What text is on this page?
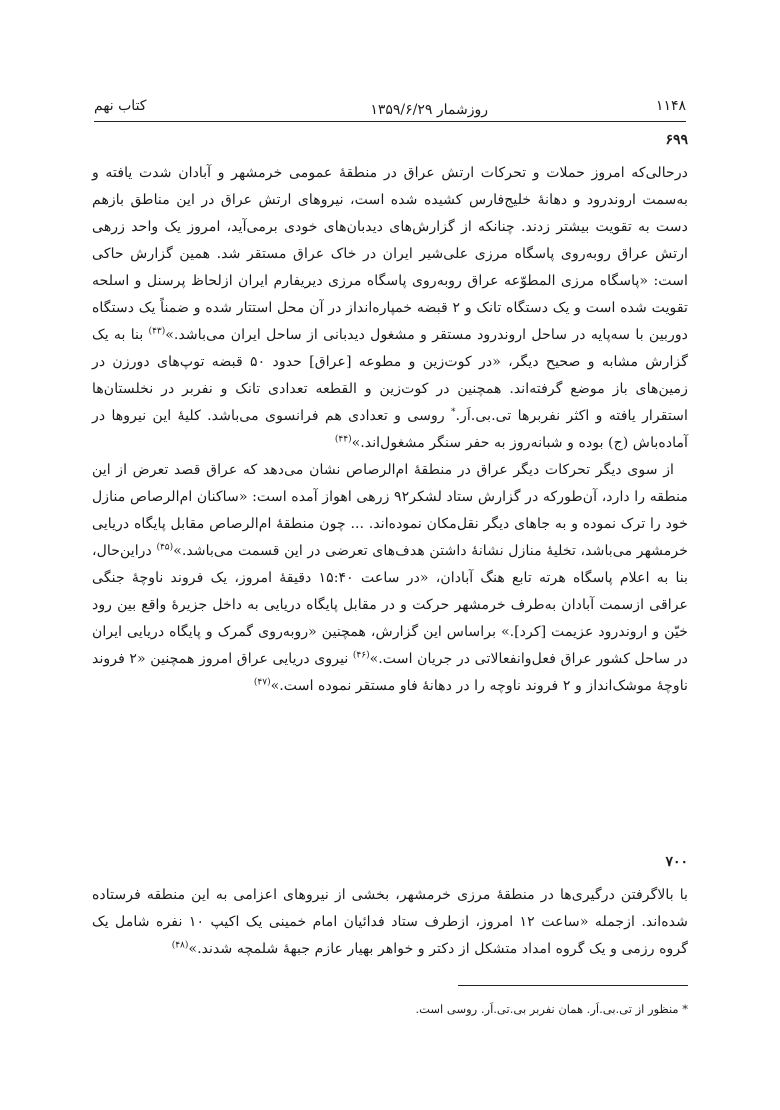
۱۱۴۸
روزشمار ۱۳۵۹/۶/۲۹
کتاب نهم
۶۹۹

درحالی‌که امروز حملات و تحرکات ارتش عراق در منطقهٔ عمومی خرمشهر و آبادان شدت یافته و به‌سمت اروندرود و دهانهٔ خلیج‌فارس کشیده شده است، نیروهای ارتش عراق در این مناطق بازهم دست به تقویت بیشتر زدند. چنانکه از گزارش‌های دیدبان‌های خودی برمی‌آید، امروز یک واحد زرهی ارتش عراق روبه‌روی پاسگاه مرزی علی‌شیر ایران در خاک عراق مستقر شد. همین گزارش حاکی است: «پاسگاه مرزی المطوّعه عراق روبه‌روی پاسگاه مرزی دیریفارم ایران ازلحاظ پرسنل و اسلحه تقویت شده است و یک دستگاه تانک و ۲ قبضه خمپاره‌انداز در آن محل استتار شده و ضمناً یک دستگاه دوربین با سه‌پایه در ساحل اروندرود مستقر و مشغول دیدبانی از ساحل ایران می‌باشد.»$^{(۴۳)}$ بنا به یک گزارش مشابه و صحیح دیگر، «در کوت‌زین و مطوعه [عراق] حدود ۵۰ قبضه توپ‌های دورزن در زمین‌های باز موضع گرفته‌اند. همچنین در کوت‌زین و القطعه تعدادی تانک و نفربر در نخلستان‌ها استقرار یافته و اکثر نفربرها تی.بی.اَر.* روسی و تعدادی هم فرانسوی می‌باشد. کلیهٔ این نیروها در آماده‌باش (ج) بوده و شبانه‌روز به حفر سنگر مشغول‌اند.»$^{(۴۴)}$

از سوی دیگر تحرکات دیگر عراق در منطقهٔ ام‌الرصاص نشان می‌دهد که عراق قصد تعرض از این منطقه را دارد، آن‌طورکه در گزارش ستاد لشکر۹۲ زرهی اهواز آمده است: «ساکنان ام‌الرصاص منازل خود را ترک نموده و به جاهای دیگر نقل‌مکان نموده‌اند. ... چون منطقهٔ ام‌الرصاص مقابل پایگاه دریایی خرمشهر می‌باشد، تخلیهٔ منازل نشانهٔ داشتن هدف‌های تعرضی در این قسمت می‌باشد.»$^{(۴۵)}$ دراین‌حال، بنا به اعلام پاسگاه هرته تابع هنگ آبادان، «در ساعت ۱۵:۴۰ دقیقهٔ امروز، یک فروند ناوچهٔ جنگی عراقی ازسمت آبادان به‌طرف خرمشهر حرکت و در مقابل پایگاه دریایی به داخل جزیرهٔ واقع بین رود خیّن و اروندرود عزیمت [کرد].» براساس این گزارش، همچنین «روبه‌روی گمرک و پایگاه دریایی ایران در ساحل کشور عراق فعل‌وانفعالاتی در جریان است.»$^{(۴۶)}$ نیروی دریایی عراق امروز همچنین «۲ فروند ناوچهٔ موشک‌انداز و ۲ فروند ناوچه را در دهانهٔ فاو مستقر نموده است.»$^{(۴۷)}$

۷۰۰

با بالاگرفتن درگیری‌ها در منطقهٔ مرزی خرمشهر، بخشی از نیروهای اعزامی به این منطقه فرستاده شده‌اند. ازجمله «ساعت ۱۲ امروز، ازطرف ستاد فدائیان امام خمینی یک اکیپ ۱۰ نفره شامل یک گروه رزمی و یک گروه امداد متشکل از دکتر و خواهر بهیار عازم جبههٔ شلمچه شدند.»$^{(۴۸)}$

* منظور از تی.بی.اَر. همان نفربر بی.تی.اَر. روسی است.
